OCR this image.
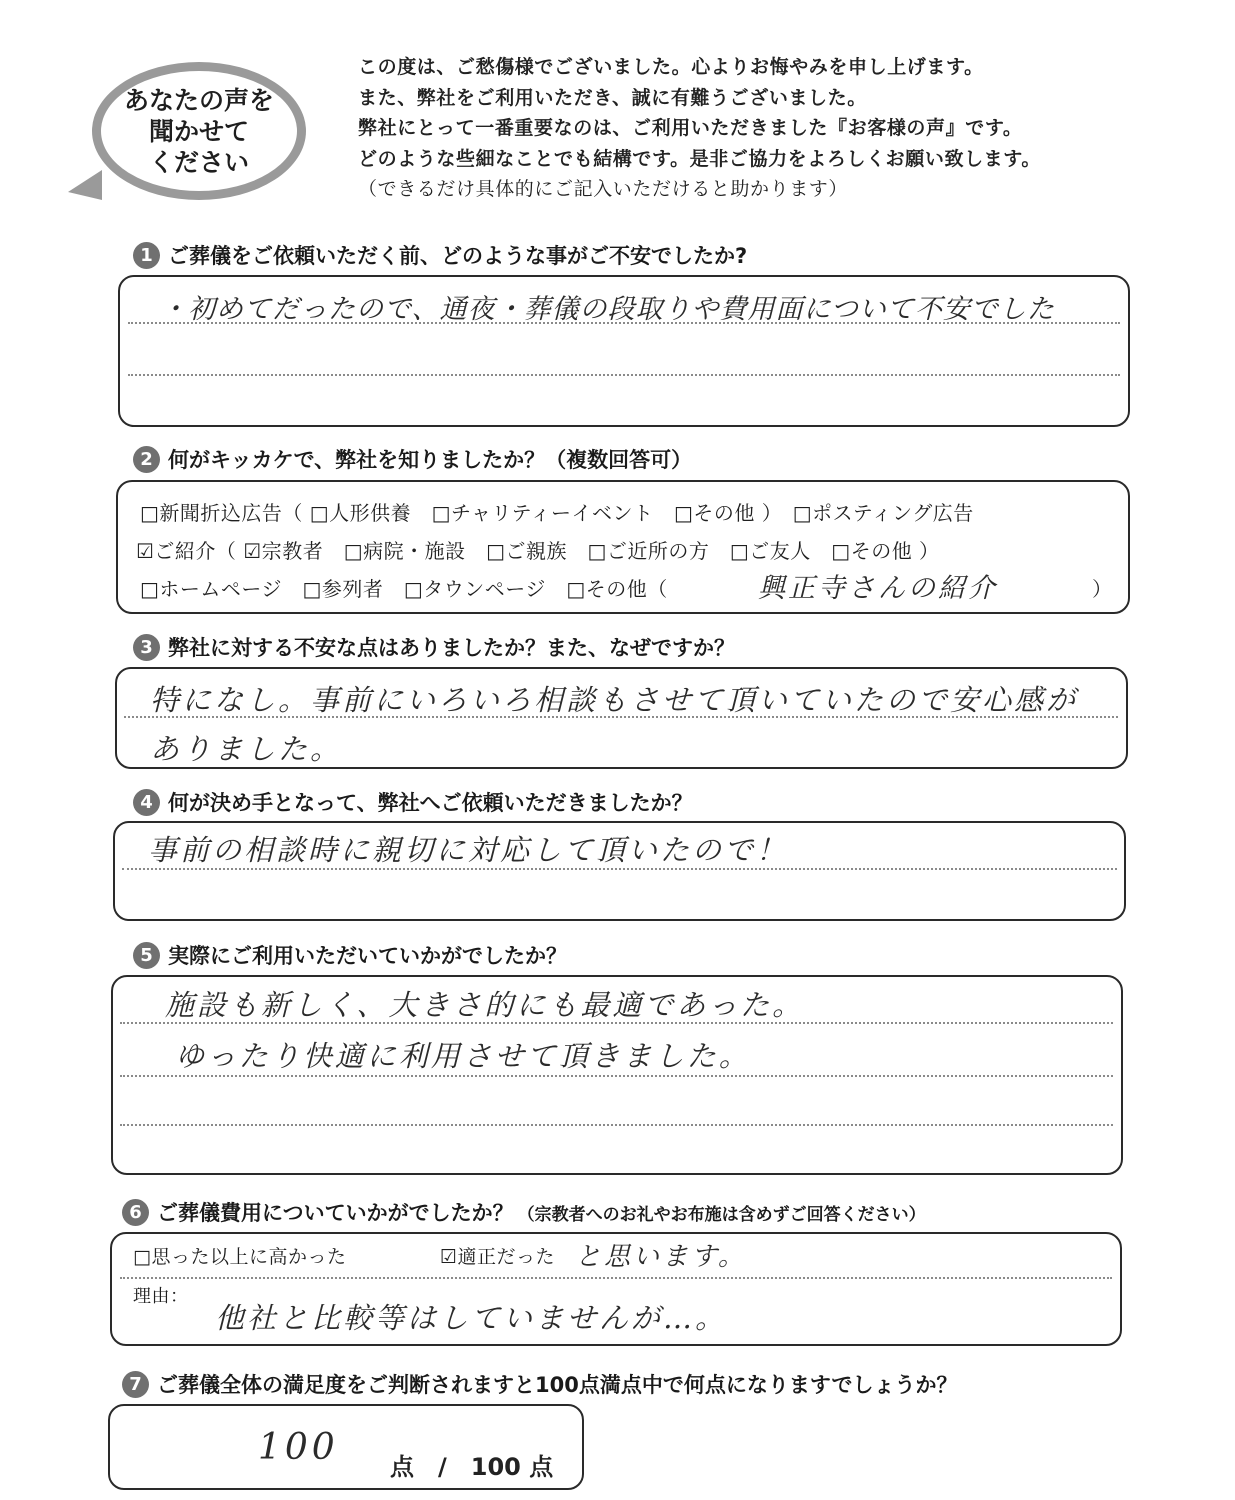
あなたの声を
聞かせて
ください
この度は、ご愁傷様でございました。心よりお悔やみを申し上げます。
また、弊社をご利用いただき、誠に有難うございました。
弊社にとって一番重要なのは、ご利用いただきました『お客様の声』です。
どのような些細なことでも結構です。是非ご協力をよろしくお願い致します。
（できるだけ具体的にご記入いただけると助かります）
1 ご葬儀をご依頼いただく前、どのような事がご不安でしたか?
・初めてだったので、通夜・葬儀の段取りや費用面について不安でした
2 何がキッカケで、弊社を知りましたか？（複数回答可）
□新聞折込広告（ □人形供養　□チャリティーイベント　□その他 ）　□ポスティング広告
☑ご紹介（ ☑宗教者　□病院・施設　□ご親族　□ご近所の方　□ご友人　□その他 ）
□ホームページ　□参列者　□タウンページ　□その他（	興正寺さんの紹介	）
3 弊社に対する不安な点はありましたか？また、なぜですか？
特になし。事前にいろいろ相談もさせて頂いていたので安心感が
ありました。
4 何が決め手となって、弊社へご依頼いただきましたか？
事前の相談時に親切に対応して頂いたので！
5 実際にご利用いただいていかがでしたか？
施設も新しく、大きさ的にも最適であった。
ゆったり快適に利用させて頂きました。
6 ご葬儀費用についていかがでしたか？ （宗教者へのお礼やお布施は含めずご回答ください）
□思った以上に高かった	☑適正だった と思います。
理由：
他社と比較等はしていませんが…。
7 ご葬儀全体の満足度をご判断されますと100点満点中で何点になりますでしょうか？
100 点　/　100 点
